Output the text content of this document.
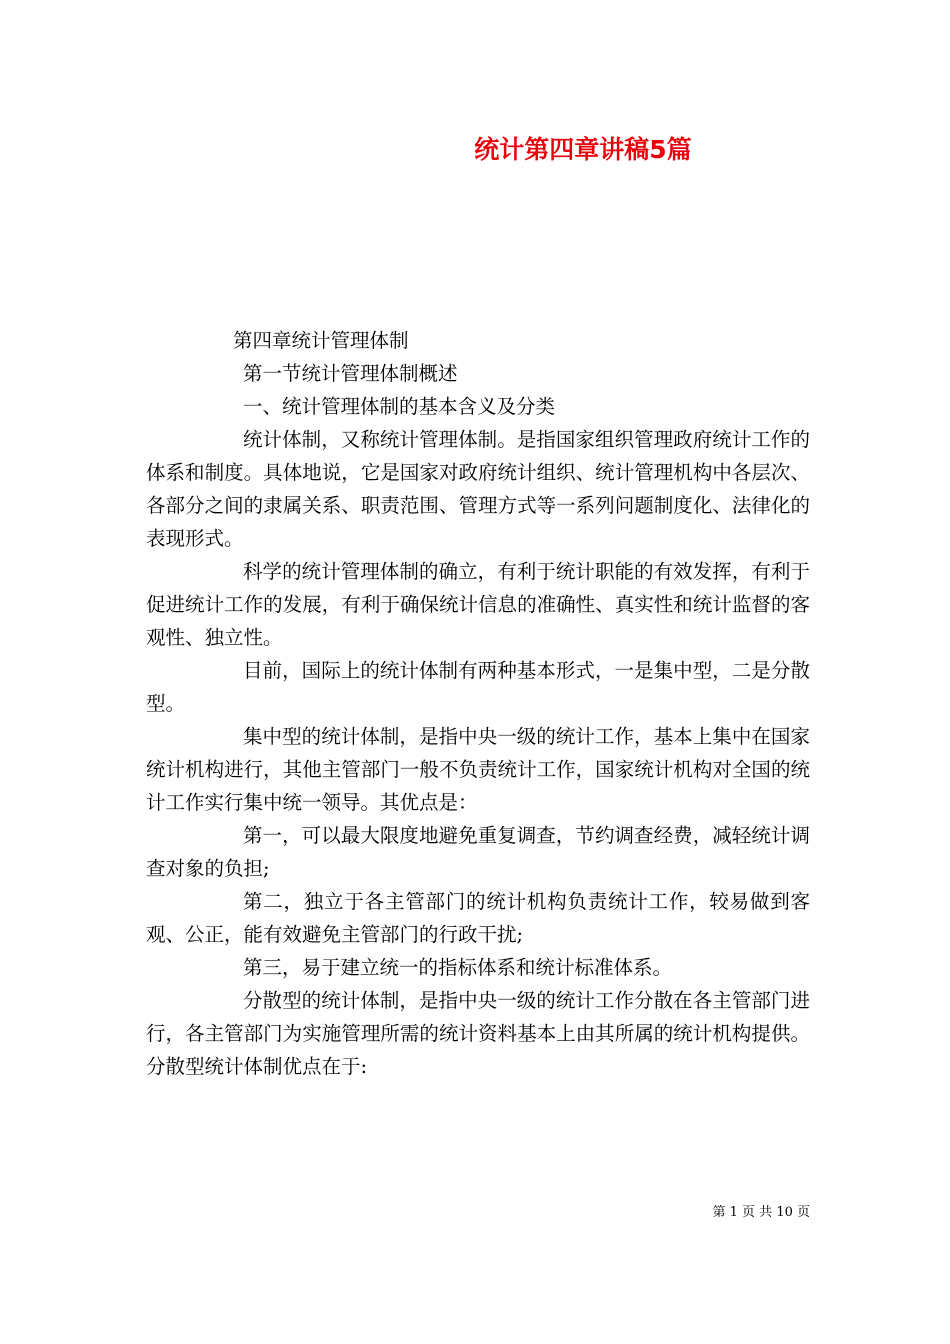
统计第四章讲稿5篇

第四章统计管理体制

第一节统计管理体制概述

一、统计管理体制的基本含义及分类

统计体制，又称统计管理体制。是指国家组织管理政府统计工作的体系和制度。具体地说，它是国家对政府统计组织、统计管理机构中各层次、各部分之间的隶属关系、职责范围、管理方式等一系列问题制度化、法律化的表现形式。

科学的统计管理体制的确立，有利于统计职能的有效发挥，有利于促进统计工作的发展，有利于确保统计信息的准确性、真实性和统计监督的客观性、独立性。

目前，国际上的统计体制有两种基本形式，一是集中型，二是分散型。

集中型的统计体制，是指中央一级的统计工作，基本上集中在国家统计机构进行，其他主管部门一般不负责统计工作，国家统计机构对全国的统计工作实行集中统一领导。其优点是：

第一，可以最大限度地避免重复调查，节约调查经费，减轻统计调查对象的负担;

第二，独立于各主管部门的统计机构负责统计工作，较易做到客观、公正，能有效避免主管部门的行政干扰;

第三，易于建立统一的指标体系和统计标准体系。

分散型的统计体制，是指中央一级的统计工作分散在各主管部门进行，各主管部门为实施管理所需的统计资料基本上由其所属的统计机构提供。分散型统计体制优点在于:

第 1 页 共 10 页
